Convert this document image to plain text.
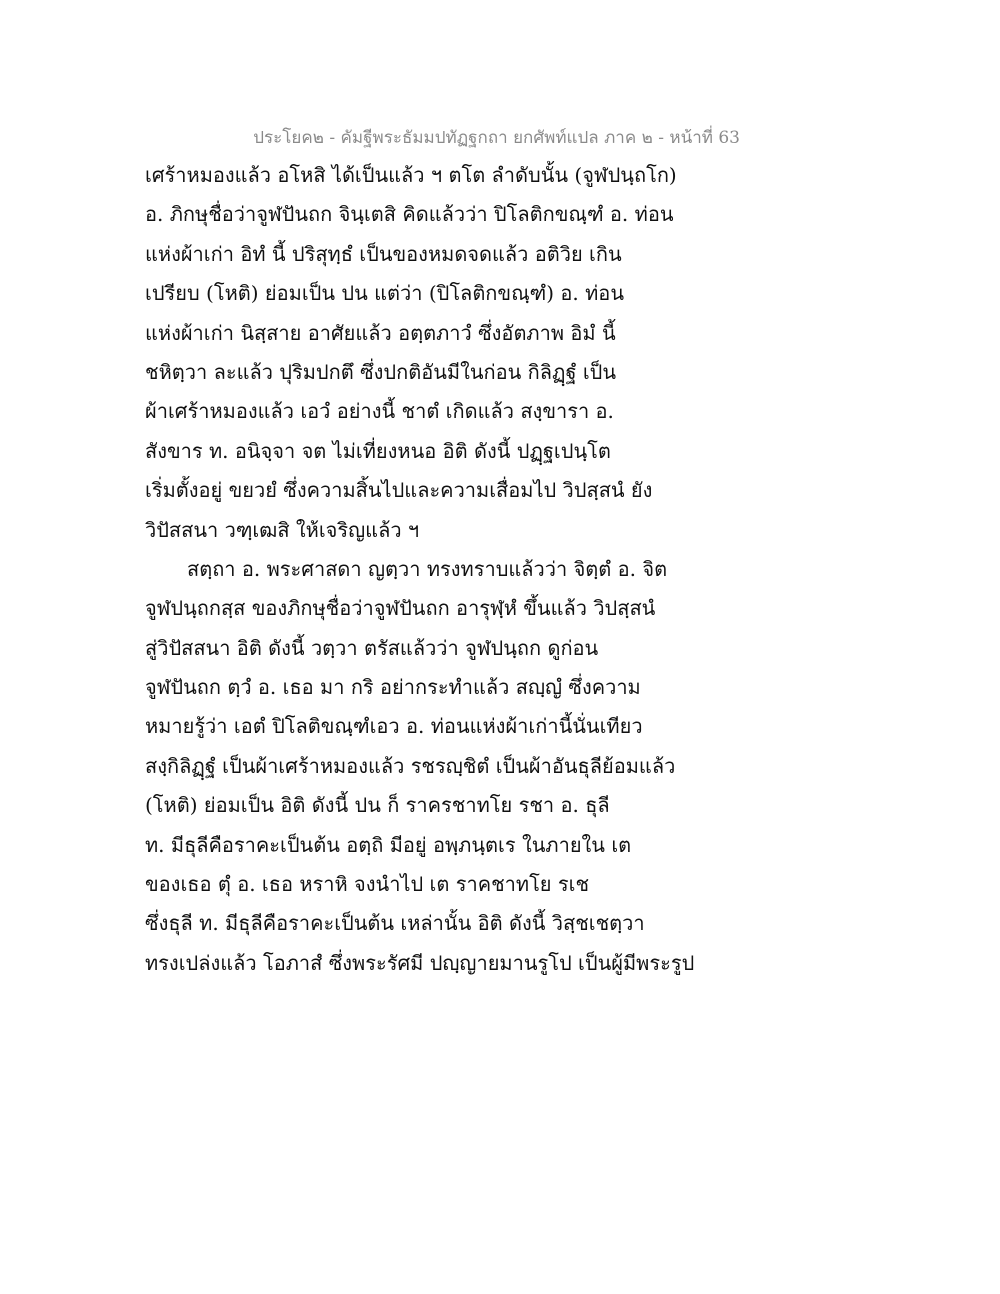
ประโยค๒ - คัมฐีพระธัมมปทัฏฐกถา ยกศัพท์แปล ภาค ๒ - หน้าที่ 63
เศร้าหมองแล้ว อโหสิ ได้เป็นแล้ว ฯ ตโต ลำดับนั้น (จูฬปนฺถโก)
อ. ภิกษุชื่อว่าจูฬปันถก จินฺเตสิ คิดแล้วว่า ปิโลติกขณฺฑํ อ. ท่อน
แห่งผ้าเก่า อิทํ นี้ ปริสุทฺธํ เป็นของหมดจดแล้ว อติวิย เกิน
เปรียบ (โหติ) ย่อมเป็น ปน แต่ว่า (ปิโลติกขณฺฑํ) อ. ท่อน
แห่งผ้าเก่า นิสฺสาย อาศัยแล้ว อตฺตภาวํ ซึ่งอัตภาพ อิมํ นี้
ชหิตฺวา ละแล้ว ปุริมปกตึ ซึ่งปกติอันมีในก่อน กิลิฏฺฐํ เป็น
ผ้าเศร้าหมองแล้ว เอวํ อย่างนี้ ชาตํ เกิดแล้ว สงฺขารา อ.
สังขาร ท. อนิจฺจา จต ไม่เที่ยงหนอ อิติ ดังนี้ ปฏฺฐเปนฺโต
เริ่มตั้งอยู่ ขยวยํ ซึ่งความสิ้นไปและความเสื่อมไป วิปสฺสนํ ยัง
วิปัสสนา วฑฺเฒสิ ให้เจริญแล้ว ฯ
สตฺถา อ. พระศาสดา ญตฺวา ทรงทราบแล้วว่า จิตฺตํ อ. จิต
จูฬปนฺถกสฺส ของภิกษุชื่อว่าจูฬปันถก อารุฬฺหํ ขึ้นแล้ว วิปสฺสนํ
สู่วิปัสสนา อิติ ดังนี้ วตฺวา ตรัสแล้วว่า จูฬปนฺถก ดูก่อน
จูฬปันถก ตฺวํ อ. เธอ มา กริ อย่ากระทำแล้ว สญฺญํ ซึ่งความ
หมายรู้ว่า เอตํ ปิโลติขณฺฑํเอว อ. ท่อนแห่งผ้าเก่านี้นั่นเทียว
สงฺกิลิฏฺฐํ เป็นผ้าเศร้าหมองแล้ว รชรญฺชิตํ เป็นผ้าอันธุลีย้อมแล้ว
(โหติ) ย่อมเป็น อิติ ดังนี้ ปน ก็ ราครชาทโย รชา อ. ธุลี
ท. มีธุลีคือราคะเป็นต้น อตฺถิ มีอยู่ อพฺภนฺตเร ในภายใน เต
ของเธอ ตุํ อ. เธอ หราหิ จงนำไป เต ราคชาทโย รเช
ซึ่งธุลี ท. มีธุลีคือราคะเป็นต้น เหล่านั้น อิติ ดังนี้ วิสฺชเชตฺวา
ทรงเปล่งแล้ว โอภาสํ ซึ่งพระรัศมี ปญฺญายมานรูโป เป็นผู้มีพระรูป
